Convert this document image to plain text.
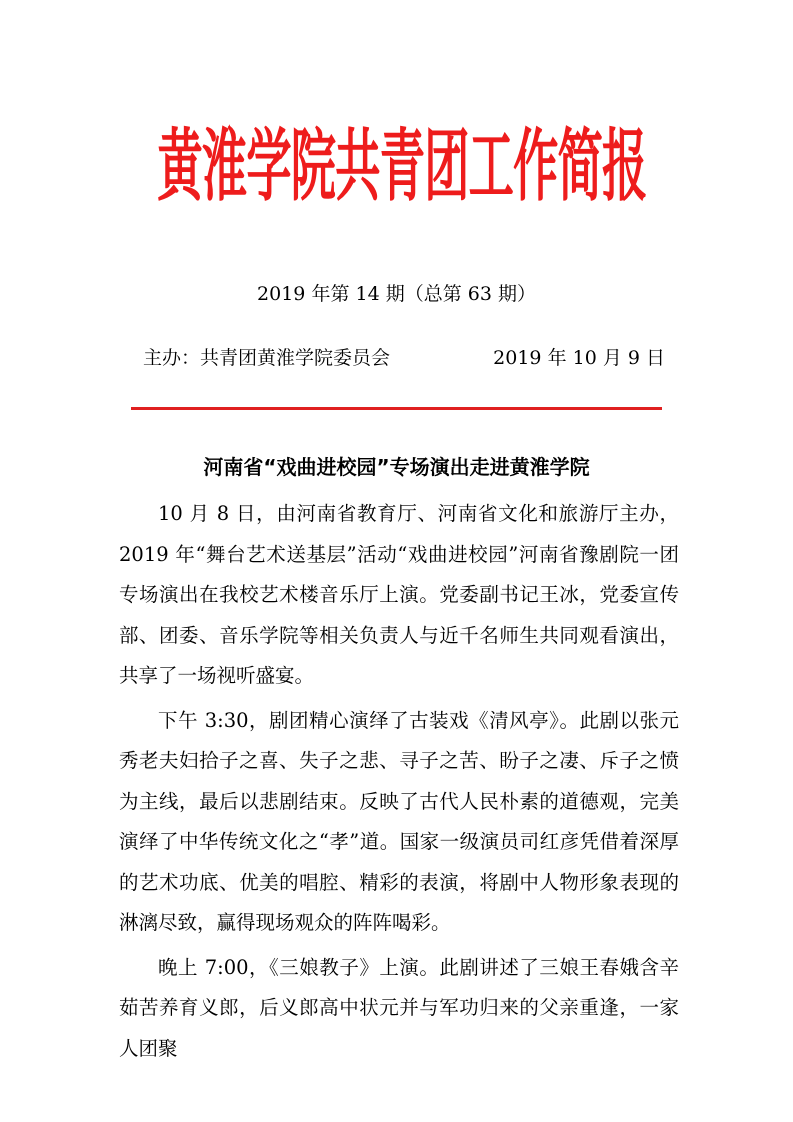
黄淮学院共青团工作简报
2019 年第 14 期（总第 63 期）
主办：共青团黄淮学院委员会	2019 年 10 月 9 日
河南省“戏曲进校园”专场演出走进黄淮学院

10 月 8 日，由河南省教育厅、河南省文化和旅游厅主办，2019 年“舞台艺术送基层”活动“戏曲进校园”河南省豫剧院一团专场演出在我校艺术楼音乐厅上演。党委副书记王冰，党委宣传部、团委、音乐学院等相关负责人与近千名师生共同观看演出，共享了一场视听盛宴。

下午 3:30，剧团精心演绎了古装戏《清风亭》。此剧以张元秀老夫妇拾子之喜、失子之悲、寻子之苦、盼子之凄、斥子之愤为主线，最后以悲剧结束。反映了古代人民朴素的道德观，完美演绎了中华传统文化之“孝”道。国家一级演员司红彦凭借着深厚的艺术功底、优美的唱腔、精彩的表演，将剧中人物形象表现的淋漓尽致，赢得现场观众的阵阵喝彩。

晚上 7:00，《三娘教子》上演。此剧讲述了三娘王春娥含辛茹苦养育义郎，后义郎高中状元并与军功归来的父亲重逢，一家人团聚
